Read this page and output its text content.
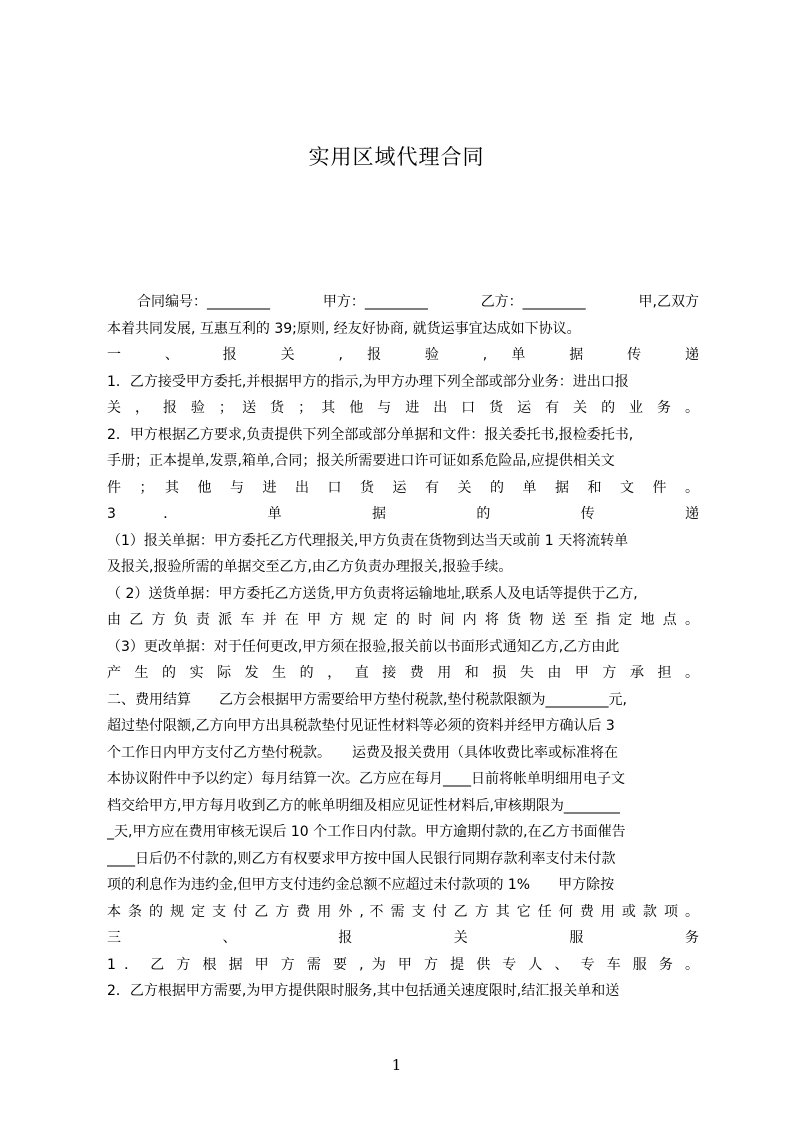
实用区域代理合同
合同编号：_________	甲方：_________	乙方：_________	甲,乙双方
本着共同发展, 互惠互利的 39;原则, 经友好协商, 就货运事宜达成如下协议。
一 、 报 关 , 报 验 , 单 据 传 递
1．乙方接受甲方委托,并根据甲方的指示,为甲方办理下列全部或部分业务：进出口报
关 ， 报 验 ； 送 货 ； 其 他 与 进 出 口 货 运 有 关 的 业 务 。
2．甲方根据乙方要求,负责提供下列全部或部分单据和文件：报关委托书,报检委托书,
手册；正本提单,发票,箱单,合同；报关所需要进口许可证如系危险品,应提供相关文
件 ； 其 他 与 进 出 口 货 运 有 关 的 单 据 和 文 件 。
3 ． 单 据 的 传 递
（1）报关单据：甲方委托乙方代理报关,甲方负责在货物到达当天或前 1 天将流转单
及报关,报验所需的单据交至乙方,由乙方负责办理报关,报验手续。
（ 2）送货单据：甲方委托乙方送货,甲方负责将运输地址,联系人及电话等提供于乙方,
由 乙 方 负 责 派 车 并 在 甲 方 规 定 的 时 间 内 将 货 物 送 至 指 定 地 点 。
（3）更改单据：对于任何更改,甲方须在报验,报关前以书面形式通知乙方,乙方由此
产 生 的 实 际 发 生 的 ， 直 接 费 用 和 损 失 由 甲 方 承 担 。
二、费用结算　　乙方会根据甲方需要给甲方垫付税款,垫付税款限额为_________元,
超过垫付限额,乙方向甲方出具税款垫付见证性材料等必须的资料并经甲方确认后 3
个工作日内甲方支付乙方垫付税款。　　运费及报关费用（具体收费比率或标准将在
本协议附件中予以约定）每月结算一次。乙方应在每月____日前将帐单明细用电子文
档交给甲方,甲方每月收到乙方的帐单明细及相应见证性材料后,审核期限为________
_天,甲方应在费用审核无误后 10 个工作日内付款。甲方逾期付款的,在乙方书面催告
____日后仍不付款的,则乙方有权要求甲方按中国人民银行同期存款利率支付未付款
项的利息作为违约金,但甲方支付违约金总额不应超过未付款项的 1%　　甲方除按
本 条 的 规 定 支 付 乙 方 费 用 外 , 不 需 支 付 乙 方 其 它 任 何 费 用 或 款 项 。
三 、 报 关 服 务
1 ． 乙 方 根 据 甲 方 需 要 , 为 甲 方 提 供 专 人 、 专 车 服 务 。
2．乙方根据甲方需要,为甲方提供限时服务,其中包括通关速度限时,结汇报关单和送
1
